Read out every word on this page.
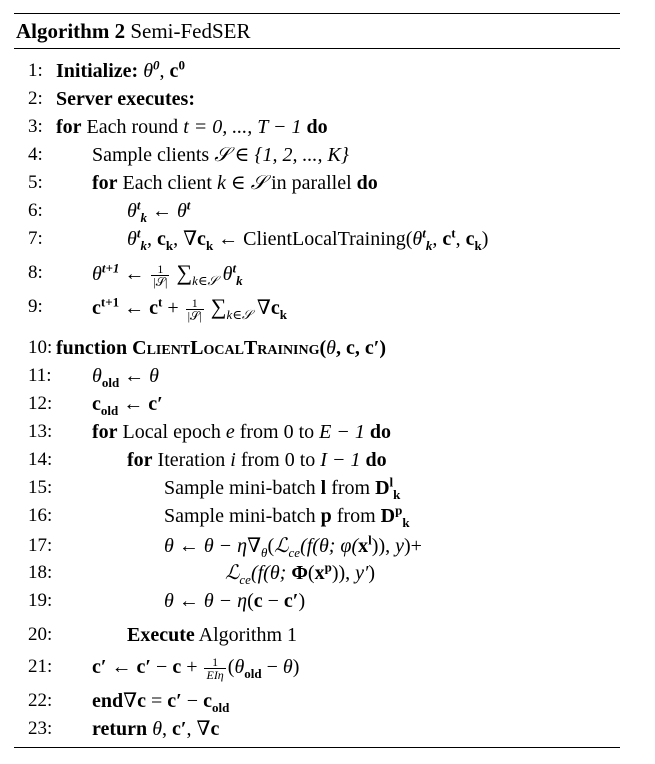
Algorithm 2 Semi-FedSER
1: Initialize: $\theta^0$, $c^0$
2: Server executes:
3: for Each round t = 0, ..., T − 1 do
4:	Sample clients 𝒮 ∈ {1, 2, ..., K}
5:	for Each client k ∈ 𝒮 in parallel do
6:	$\theta^t_k$ ← $\theta^t$
7:	$\theta^t_k$, $c_k$, $\nabla c_k$ ← $ClientLocalTraining(\theta^t_k$, $c^t$, $c_k$)
8:	$\theta^{t+1}$ ← $\frac{1}{\text{|𝒮|}} \sum_{k\in 𝒮}$ $\theta^t_k$
9:	$c^{t+1}$ ← $c^t + \frac{1}{\text{|𝒮|}} \sum_{k\in 𝒮}$ $\nabla c_k$
10: function ClientLocalTraining(θ, c, c′)
11: $\theta_{old}$ ← θ
12: $c_{old}$ ← c′
13: for Local epoch e from 0 to E − 1 do
14:	for Iteration i from 0 to I − 1 do
15:	Sample mini-batch l from $D^l_k$
16:	Sample mini-batch p from $D^p_k$
17:	θ ← $\theta - \eta\nabla_\theta(ℒ_{ce}(f(\theta$; $\varphi(x^l)$), y)+
18:	ℒ$_{ce}$(f(θ; $\Phi(x^p)$), y′)
19:	θ ← θ − η(c − c′)
20:	Execute Algorithm 1
21: c′ ← $c' - c + \frac{1}{\text{EIη}} (\theta_{old} - \theta)$
22: $end\nabla c = c' - c_{old}$
23: return θ, c′, ∇c
